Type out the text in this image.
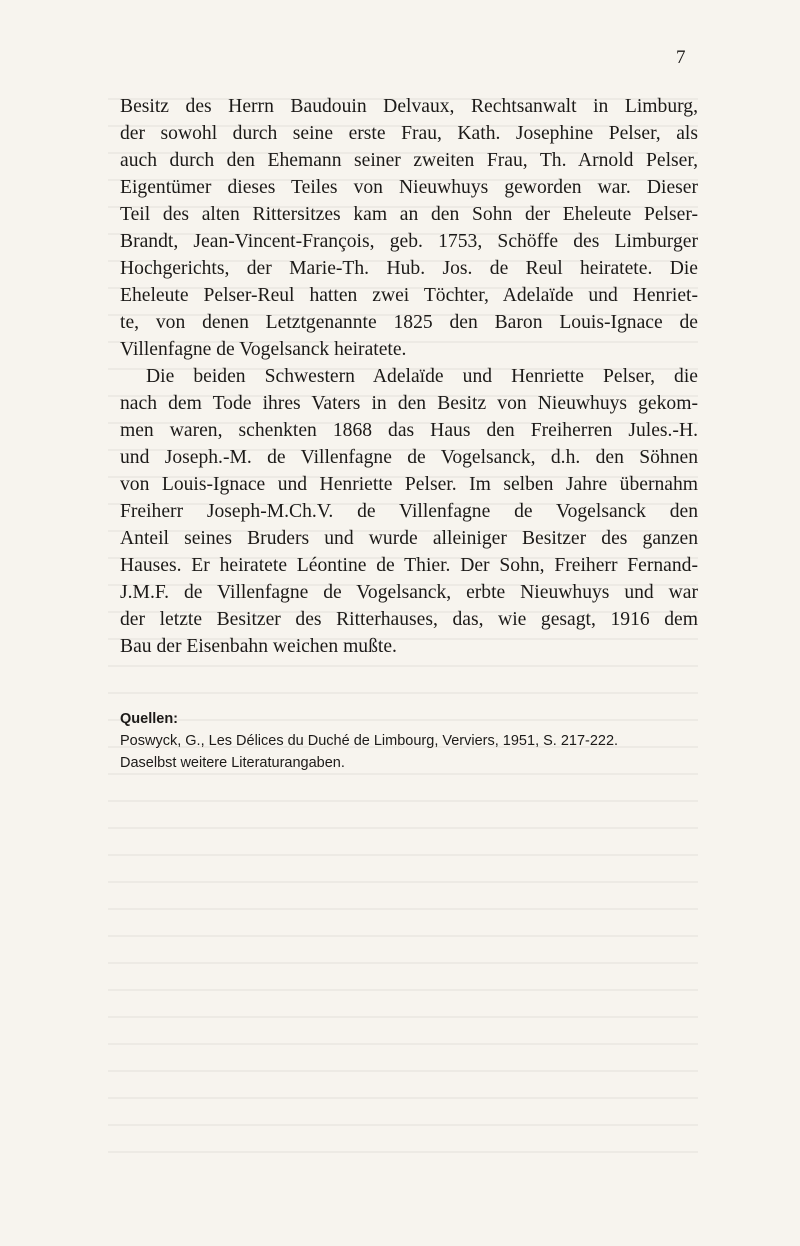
7

Besitz des Herrn Baudouin Delvaux, Rechtsanwalt in Limburg,
der sowohl durch seine erste Frau, Kath. Josephine Pelser, als
auch durch den Ehemann seiner zweiten Frau, Th. Arnold Pelser,
Eigentümer dieses Teiles von Nieuwhuys geworden war. Dieser
Teil des alten Rittersitzes kam an den Sohn der Eheleute Pelser-
Brandt, Jean-Vincent-François, geb. 1753, Schöffe des Limburger
Hochgerichts, der Marie-Th. Hub. Jos. de Reul heiratete. Die
Eheleute Pelser-Reul hatten zwei Töchter, Adelaïde und Henriet-
te, von denen Letztgenannte 1825 den Baron Louis-Ignace de
Villenfagne de Vogelsanck heiratete.

Die beiden Schwestern Adelaïde und Henriette Pelser, die
nach dem Tode ihres Vaters in den Besitz von Nieuwhuys gekom-
men waren, schenkten 1868 das Haus den Freiherren Jules.-H.
und Joseph.-M. de Villenfagne de Vogelsanck, d.h. den Söhnen
von Louis-Ignace und Henriette Pelser. Im selben Jahre übernahm
Freiherr Joseph-M.Ch.V. de Villenfagne de Vogelsanck den
Anteil seines Bruders und wurde alleiniger Besitzer des ganzen
Hauses. Er heiratete Léontine de Thier. Der Sohn, Freiherr Fernand-
J.M.F. de Villenfagne de Vogelsanck, erbte Nieuwhuys und war
der letzte Besitzer des Ritterhauses, das, wie gesagt, 1916 dem
Bau der Eisenbahn weichen mußte.

Quellen:

Poswyck, G., Les Délices du Duché de Limbourg, Verviers, 1951, S. 217-222.

Daselbst weitere Literaturangaben.
